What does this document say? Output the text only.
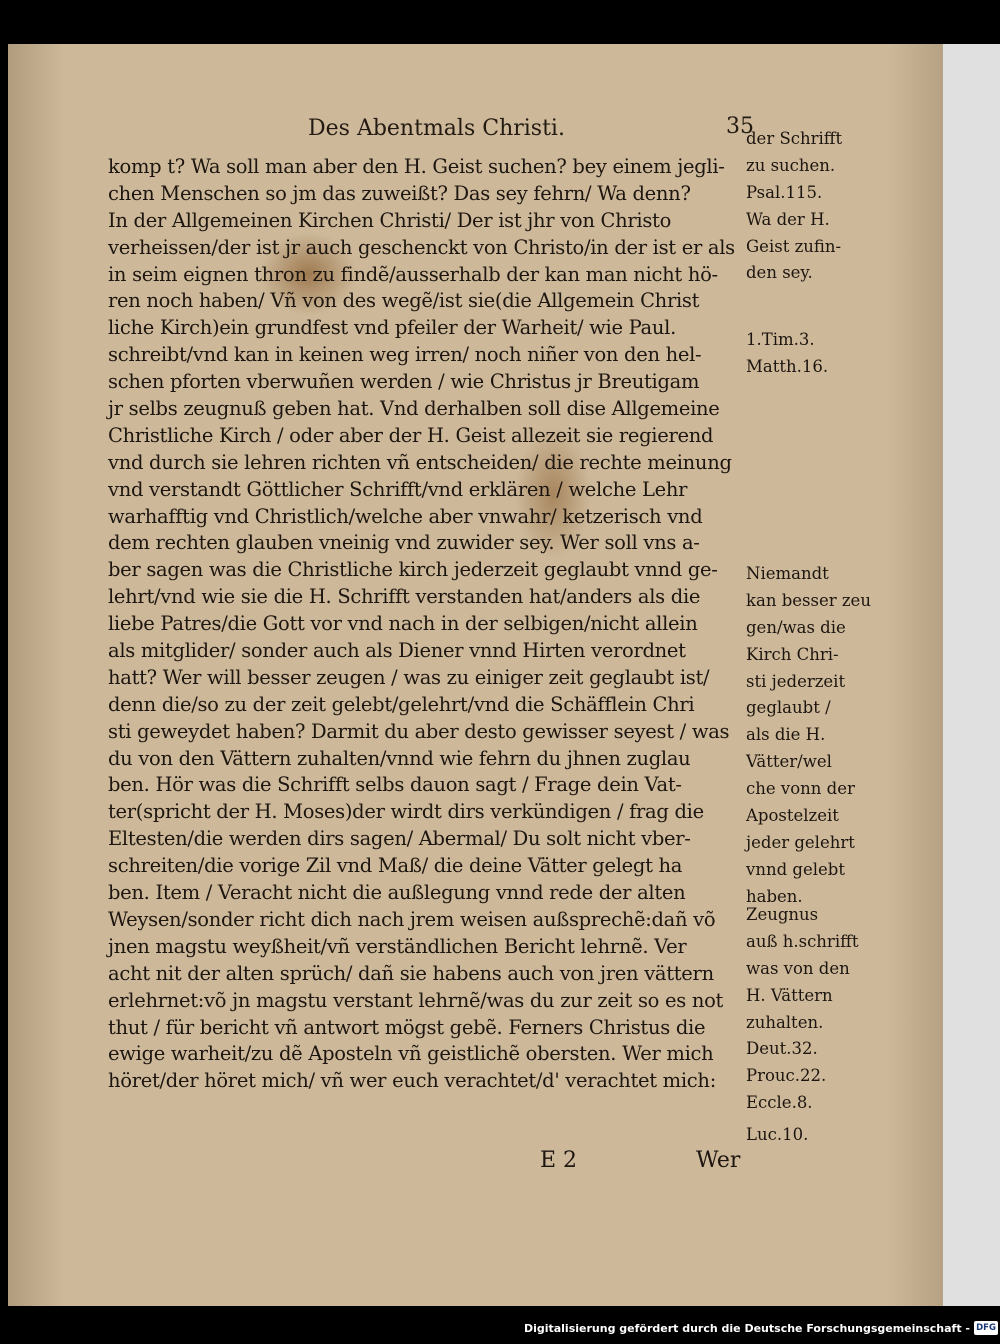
Des Abentmals Christi.	35
komp t? Wa soll man aber den H. Geist suchen? bey einem jegli-
chen Menschen so jm das zuweißt? Das sey fehrn/ Wa denn?
In der Allgemeinen Kirchen Christi/ Der ist jhr von Christo
verheissen/der ist jr auch geschenckt von Christo/in der ist er als
in seim eignen thron zu findẽ/ausserhalb der kan man nicht hö-
ren noch haben/ Vñ von des wegẽ/ist sie(die Allgemein Christ
liche Kirch)ein grundfest vnd pfeiler der Warheit/ wie Paul.
schreibt/vnd kan in keinen weg irren/ noch niñer von den hel-
schen pforten vberwuñen werden / wie Christus jr Breutigam
jr selbs zeugnuß geben hat. Vnd derhalben soll dise Allgemeine
Christliche Kirch / oder aber der H. Geist allezeit sie regierend
vnd durch sie lehren richten vñ entscheiden/ die rechte meinung
vnd verstandt Göttlicher Schrifft/vnd erklären / welche Lehr
warhafftig vnd Christlich/welche aber vnwahr/ ketzerisch vnd
dem rechten glauben vneinig vnd zuwider sey. Wer soll vns a-
ber sagen was die Christliche kirch jederzeit geglaubt vnnd ge-
lehrt/vnd wie sie die H. Schrifft verstanden hat/anders als die
liebe Patres/die Gott vor vnd nach in der selbigen/nicht allein
als mitglider/ sonder auch als Diener vnnd Hirten verordnet
hatt? Wer will besser zeugen / was zu einiger zeit geglaubt ist/
denn die/so zu der zeit gelebt/gelehrt/vnd die Schäfflein Chri
sti geweydet haben? Darmit du aber desto gewisser seyest / was
du von den Vättern zuhalten/vnnd wie fehrn du jhnen zuglau
ben. Hör was die Schrifft selbs dauon sagt / Frage dein Vat-
ter(spricht der H. Moses)der wirdt dirs verkündigen / frag die
Eltesten/die werden dirs sagen/ Abermal/ Du solt nicht vber-
schreiten/die vorige Zil vnd Maß/ die deine Vätter gelegt ha
ben. Item / Veracht nicht die außlegung vnnd rede der alten
Weysen/sonder richt dich nach jrem weisen außsprechẽ:dañ võ
jnen magstu weyßheit/vñ verständlichen Bericht lehrnẽ. Ver
acht nit der alten sprüch/ dañ sie habens auch von jren vättern
erlehrnet:võ jn magstu verstant lehrnẽ/was du zur zeit so es not
thut / für bericht vñ antwort mögst gebẽ. Ferners Christus die
ewige warheit/zu dẽ Aposteln vñ geistlichẽ obersten. Wer mich
höret/der höret mich/ vñ wer euch verachtet/d' verachtet mich:
der Schrifft
zu suchen.
Psal.115.
Wa der H.
Geist zufin-
den sey.
1.Tim.3.
Matth.16.
Niemandt
kan besser zeu
gen/was die
Kirch Chri-
sti jederzeit
geglaubt /
als die H.
Vätter/wel
che vonn der
Apostelzeit
jeder gelehrt
vnnd gelebt
haben.
Zeugnus
auß h.schrifft
was von den
H. Vättern
zuhalten.
Deut.32.
Prouc.22.
Eccle.8.
Luc.10.
E 2	Wer
Digitalisierung gefördert durch die Deutsche Forschungsgemeinschaft - DFG
